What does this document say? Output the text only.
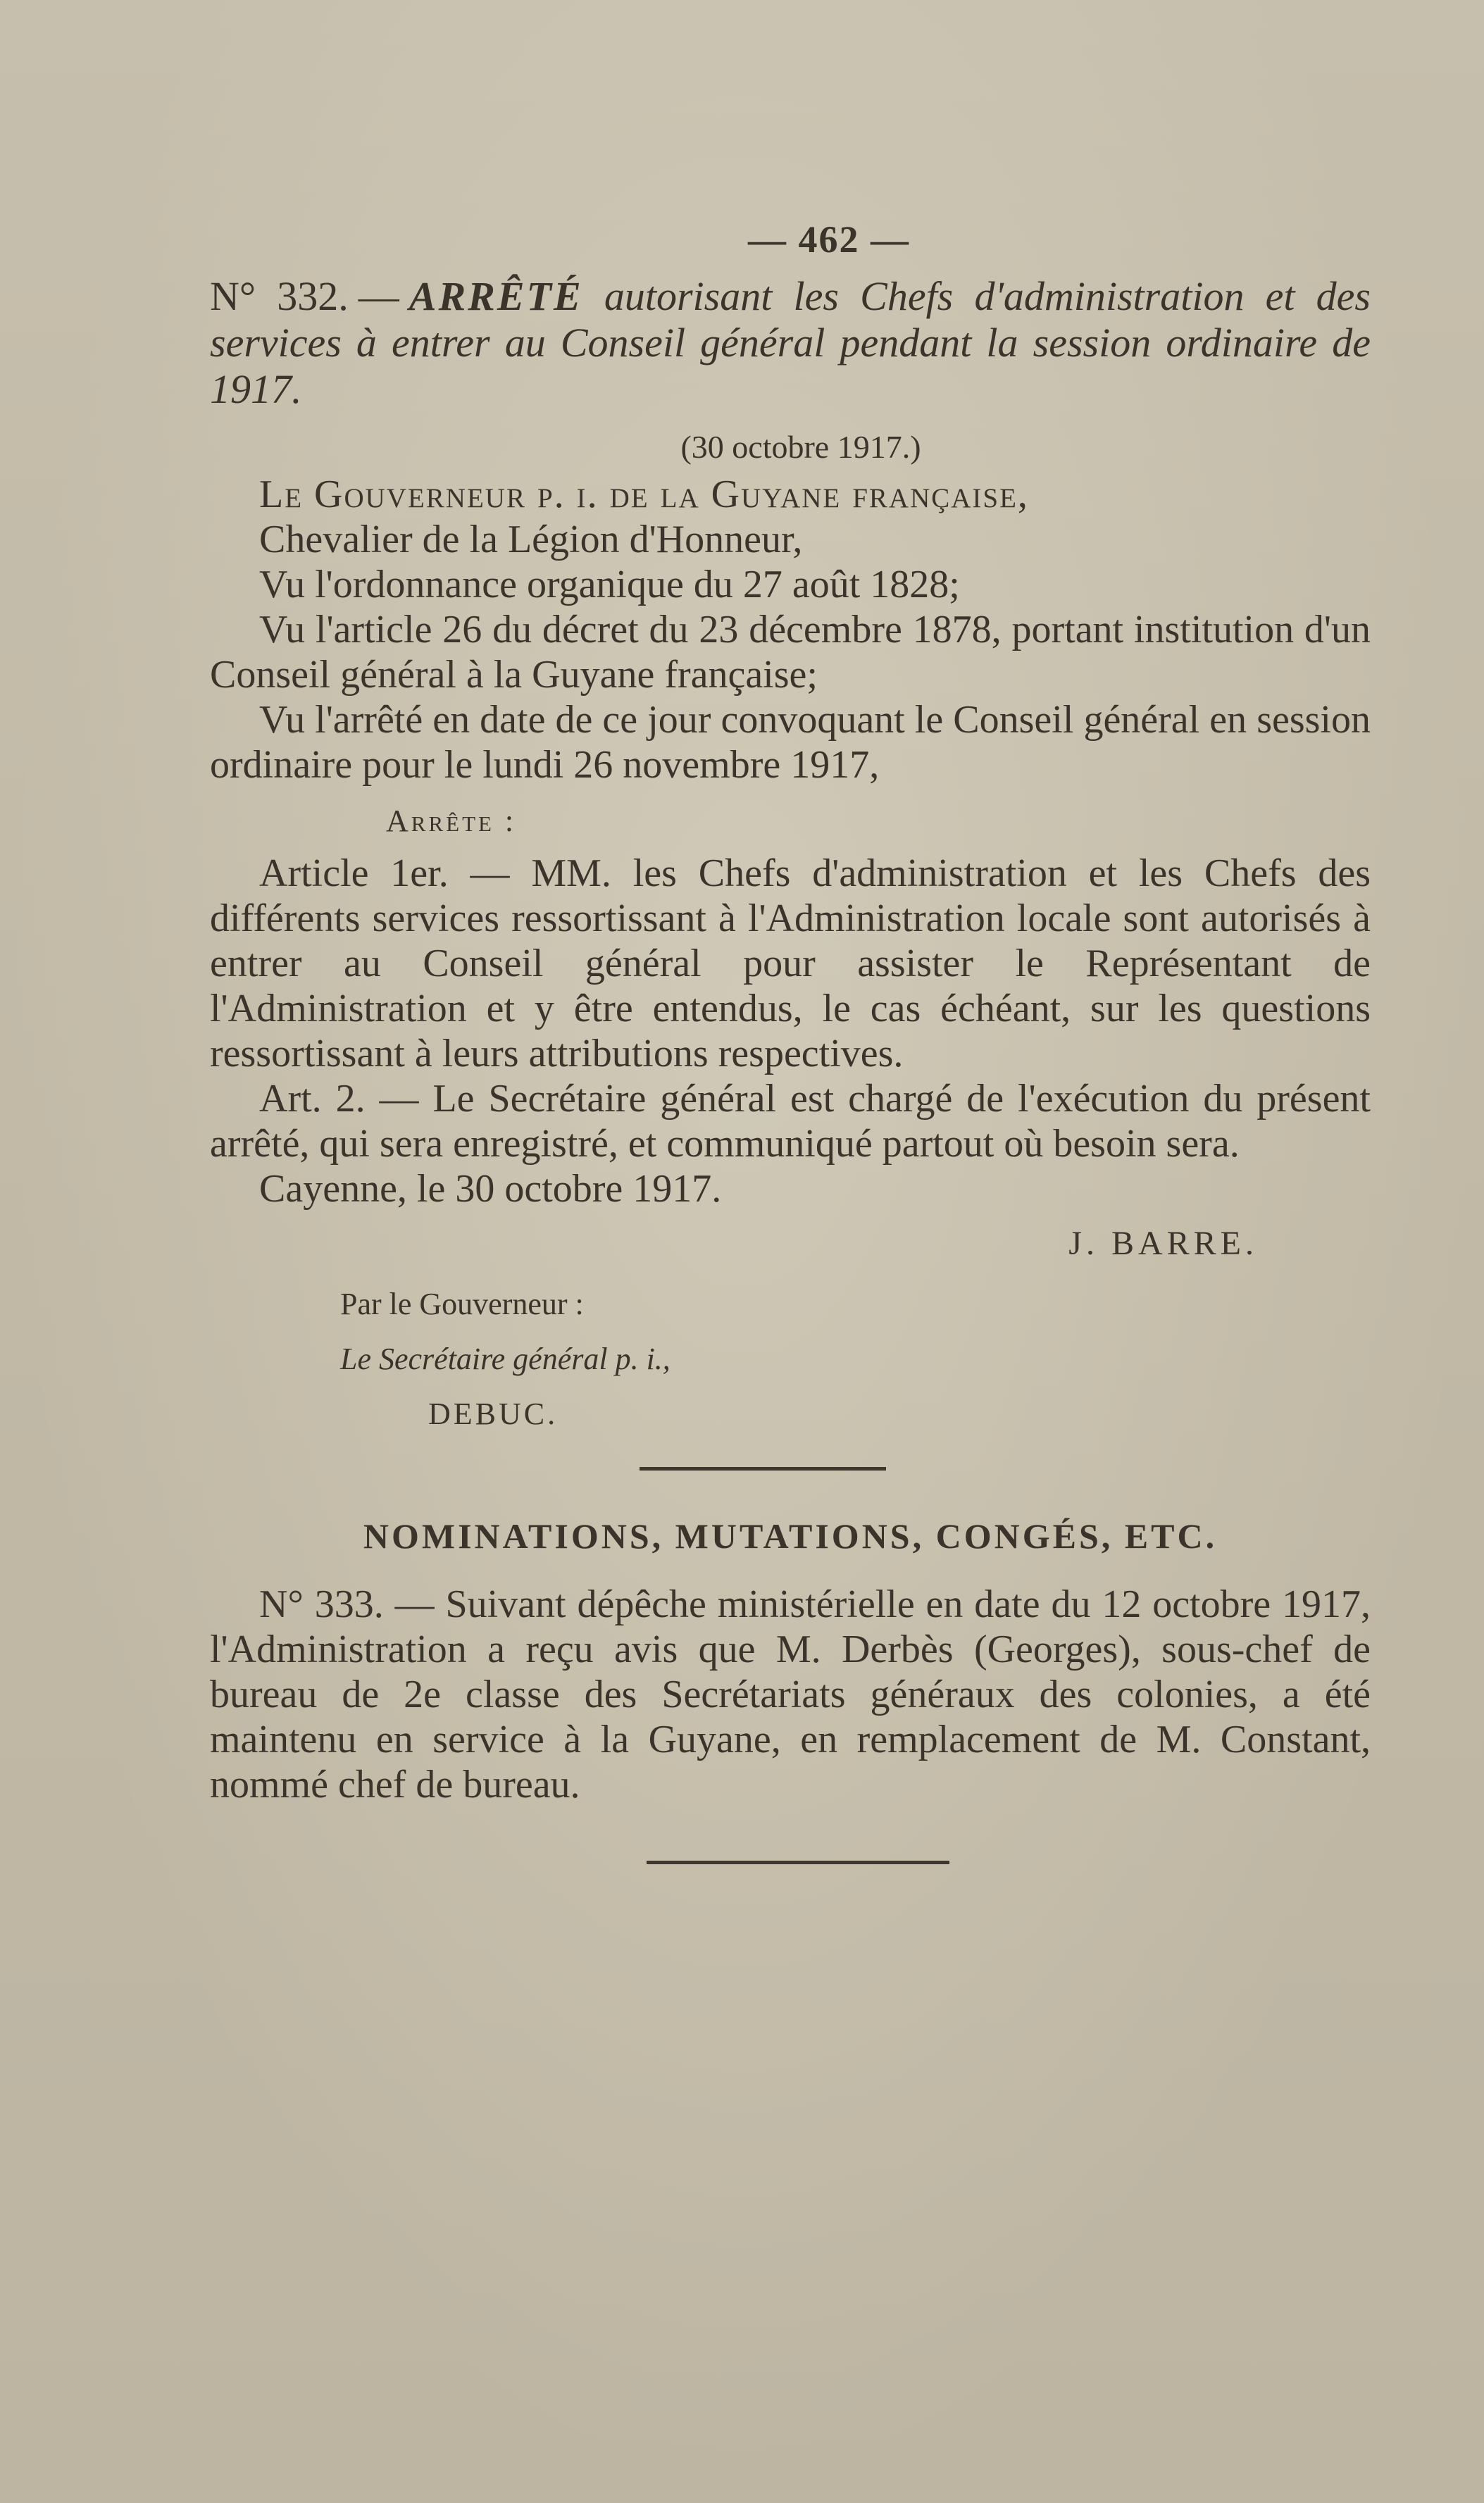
— 462 —
N° 332. — ARRÊTÉ autorisant les Chefs d'administration et des services à entrer au Conseil général pendant la session ordinaire de 1917.
(30 octobre 1917.)

Le Gouverneur p. i. de la Guyane française,

Chevalier de la Légion d'Honneur,

Vu l'ordonnance organique du 27 août 1828;

Vu l'article 26 du décret du 23 décembre 1878, portant institution d'un Conseil général à la Guyane française;

Vu l'arrêté en date de ce jour convoquant le Conseil général en session ordinaire pour le lundi 26 novembre 1917,

Arrête :

Article 1er. — MM. les Chefs d'administration et les Chefs des différents services ressortissant à l'Administration locale sont autorisés à entrer au Conseil général pour assister le Représentant de l'Administration et y être entendus, le cas échéant, sur les questions ressortissant à leurs attributions respectives.

Art. 2. — Le Secrétaire général est chargé de l'exécution du présent arrêté, qui sera enregistré, et communiqué partout où besoin sera.

Cayenne, le 30 octobre 1917.

J. BARRE.
Par le Gouverneur :
Le Secrétaire général p. i.,
DEBUC.
NOMINATIONS, MUTATIONS, CONGÉS, ETC.

N° 333. — Suivant dépêche ministérielle en date du 12 octobre 1917, l'Administration a reçu avis que M. Derbès (Georges), sous-chef de bureau de 2e classe des Secrétariats généraux des colonies, a été maintenu en service à la Guyane, en remplacement de M. Constant, nommé chef de bureau.
